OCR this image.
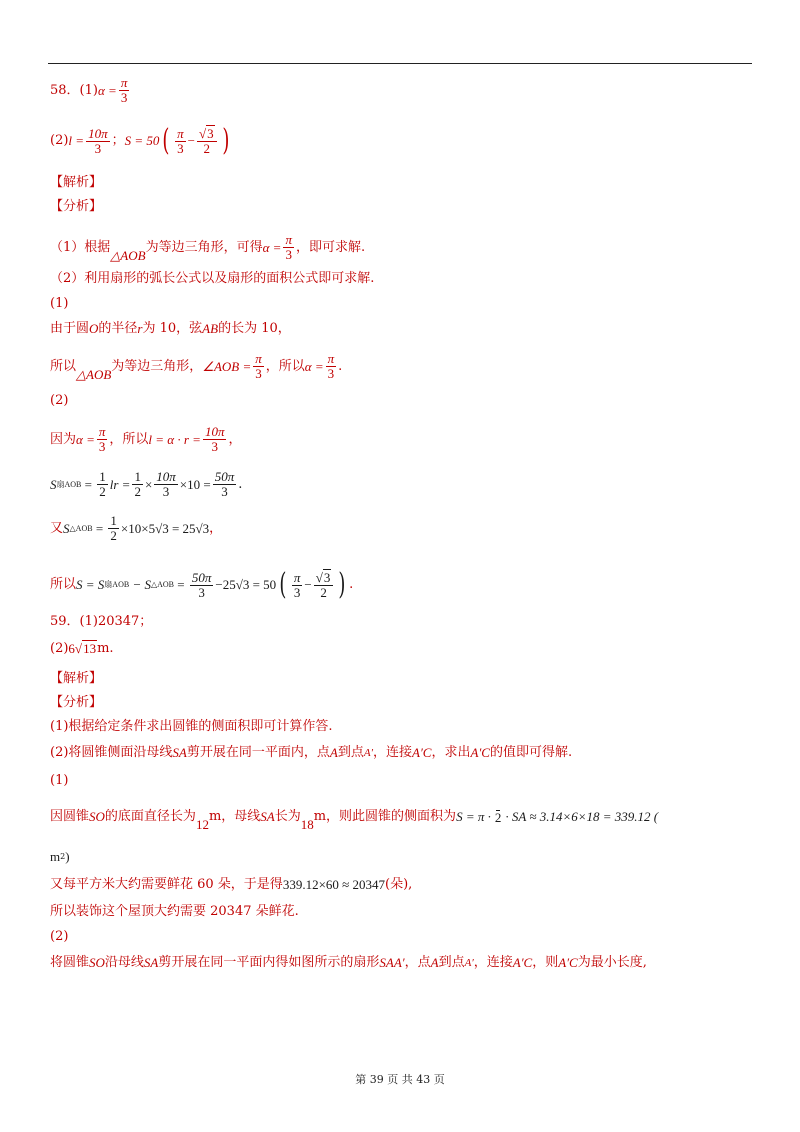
58．(1) $\alpha = \frac{\pi}{3}$
(2) $l = \frac{10\pi}{3}$ ； S = 50 ( $\frac{\pi}{3} - \frac{√3}{2}$ )
【解析】
【分析】
（1）根据
△AOB
为等边三角形，可得 $\alpha = \frac{\pi}{3}$ ，即可求解.
（2）利用扇形的弧长公式以及扇形的面积公式即可求解.
(1)
由于圆 O 的半径 r 为 10，弦 AB 的长为 10，
所以
△AOB
为等边三角形， ∠AOB = $\frac{\pi}{3}$ ，所以 $\alpha = \frac{\pi}{3}$ .
(2)
因为 $\alpha = \frac{\pi}{3}$ ，所以 $l = \alpha \cdot r = \frac{10\pi}{3}$ ，
S 扇AOB = $\frac{1}{2}$ lr = $\frac{1}{2} \times \frac{10\pi}{3} \times 10 = \frac{50\pi}{3}$ .
又 S △AOB
=
$\frac{1}{2} \times 10\times 5√3 = 25√3$ ，
所以 S = S 扇AOB
− S △AOB = $\frac{50\pi}{3} -25√3 = 50$ ( $\frac{\pi}{3} - \frac{√3}{2}$ ) .
59．(1)20347；
(2) 6 √13 m.
【解析】
【分析】
(1)根据给定条件求出圆锥的侧面积即可计算作答.
(2)将圆锥侧面沿母线 SA 剪开展在同一平面内，点 A 到点 A′ ，连接 A′C ，求出 A′C 的值即可得解.
(1)
因圆锥 SO 的底面直径 长为
12
m，母线 SA 长为
18
m，则此圆锥的侧面积为 S = π · 2 · SA ≈ 3.14×6×18 = 339.12 (
m 2 )
又每平方米大约需要鲜花 60 朵，于是得 339.12×60 ≈ 20347 (朵),
所以装饰这个屋顶大约需要 20347 朵鲜花.
(2)
将圆锥 SO 沿母线 SA 剪开展在同一平面内得如图所示的扇形 SAA′ ，点 A 到点 A′ ，连接 A′C ，则 A′C 为最小长度,
第 39 页 共 43 页
